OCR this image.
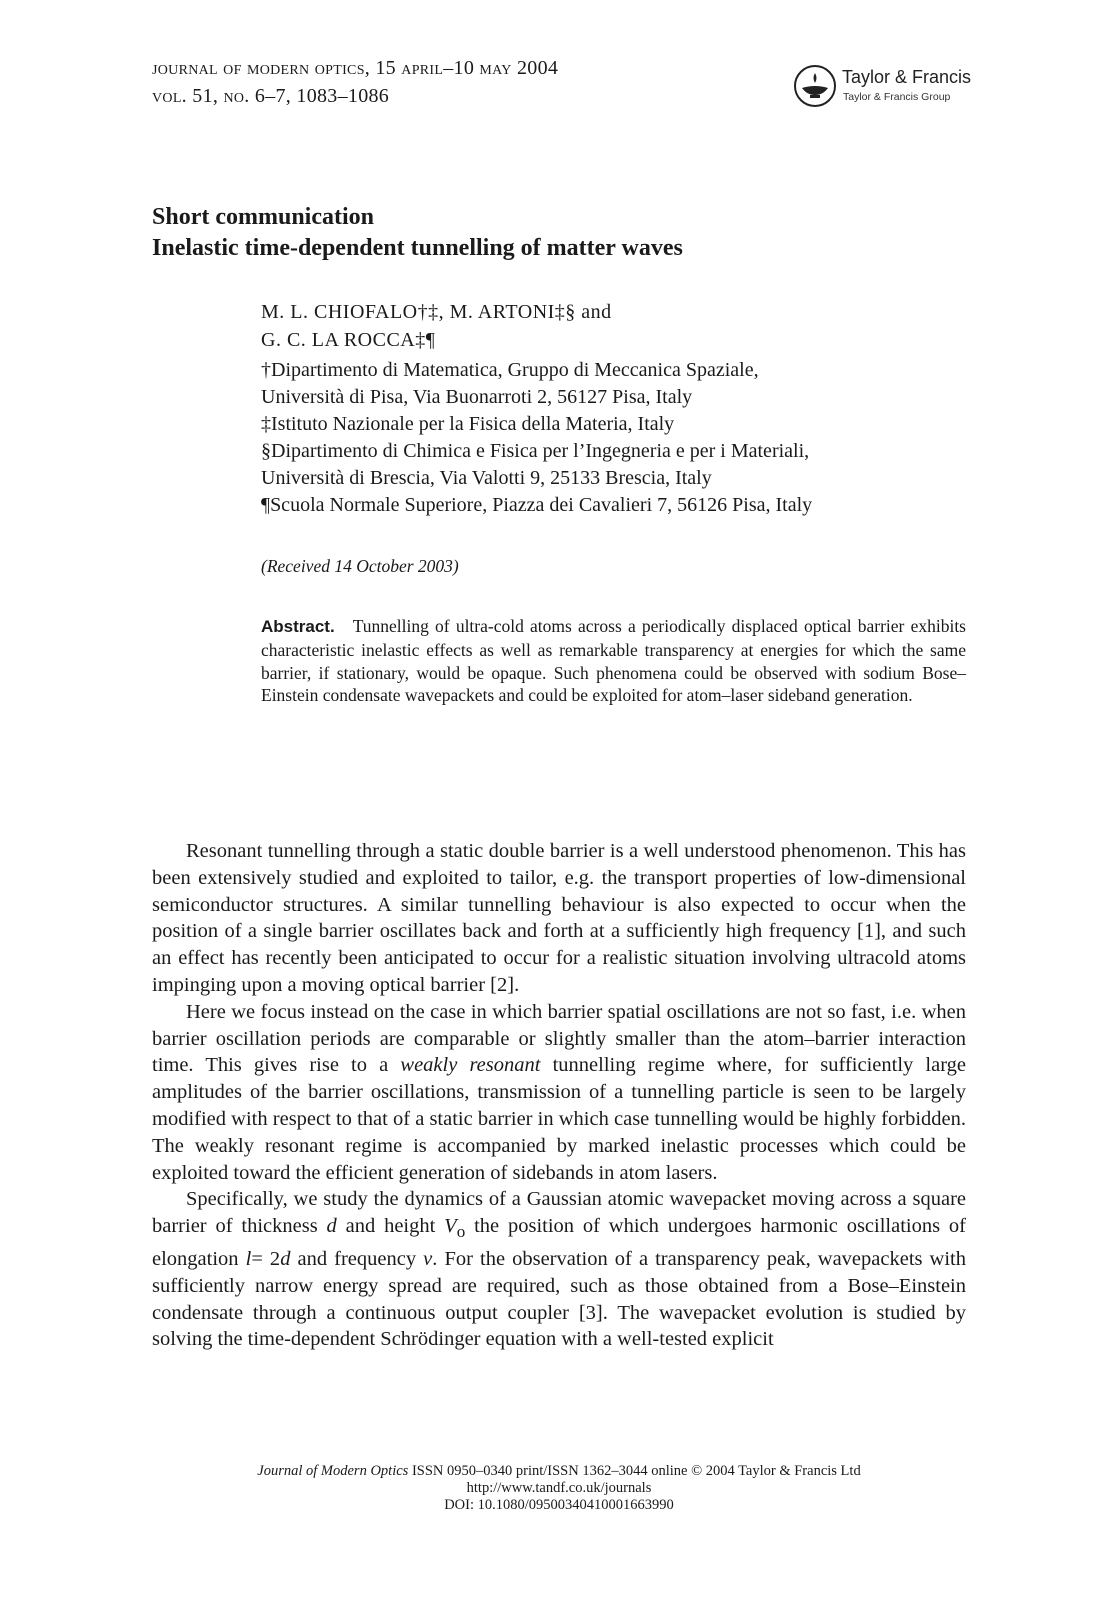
journal of modern optics, 15 april–10 may 2004
vol. 51, no. 6–7, 1083–1086
Taylor & Francis
Taylor & Francis Group
Short communication
Inelastic time-dependent tunnelling of matter waves
M. L. CHIOFALO†‡, M. ARTONI‡§ and
G. C. LA ROCCA‡¶
†Dipartimento di Matematica, Gruppo di Meccanica Spaziale,
Università di Pisa, Via Buonarroti 2, 56127 Pisa, Italy
‡Istituto Nazionale per la Fisica della Materia, Italy
§Dipartimento di Chimica e Fisica per l’Ingegneria e per i Materiali,
Università di Brescia, Via Valotti 9, 25133 Brescia, Italy
¶Scuola Normale Superiore, Piazza dei Cavalieri 7, 56126 Pisa, Italy
(Received 14 October 2003)
Abstract. Tunnelling of ultra-cold atoms across a periodically displaced optical barrier exhibits characteristic inelastic effects as well as remarkable transparency at energies for which the same barrier, if stationary, would be opaque. Such phenomena could be observed with sodium Bose–Einstein condensate wavepackets and could be exploited for atom–laser sideband generation.

Resonant tunnelling through a static double barrier is a well understood phenomenon. This has been extensively studied and exploited to tailor, e.g. the transport properties of low-dimensional semiconductor structures. A similar tunnelling behaviour is also expected to occur when the position of a single barrier oscillates back and forth at a sufficiently high frequency [1], and such an effect has recently been anticipated to occur for a realistic situation involving ultracold atoms impinging upon a moving optical barrier [2].

Here we focus instead on the case in which barrier spatial oscillations are not so fast, i.e. when barrier oscillation periods are comparable or slightly smaller than the atom–barrier interaction time. This gives rise to a weakly resonant tunnelling regime where, for sufficiently large amplitudes of the barrier oscillations, transmission of a tunnelling particle is seen to be largely modified with respect to that of a static barrier in which case tunnelling would be highly forbidden. The weakly resonant regime is accompanied by marked inelastic processes which could be exploited toward the efficient generation of sidebands in atom lasers.

Specifically, we study the dynamics of a Gaussian atomic wavepacket moving across a square barrier of thickness d and height $V_o$ the position of which undergoes harmonic oscillations of elongation l= 2d and frequency ν. For the observation of a transparency peak, wavepackets with sufficiently narrow energy spread are required, such as those obtained from a Bose–Einstein condensate through a continuous output coupler [3]. The wavepacket evolution is studied by solving the time-dependent Schrödinger equation with a well-tested explicit

Journal of Modern Optics ISSN 0950–0340 print/ISSN 1362–3044 online © 2004 Taylor & Francis Ltd
http://www.tandf.co.uk/journals
DOI: 10.1080/09500340410001663990
